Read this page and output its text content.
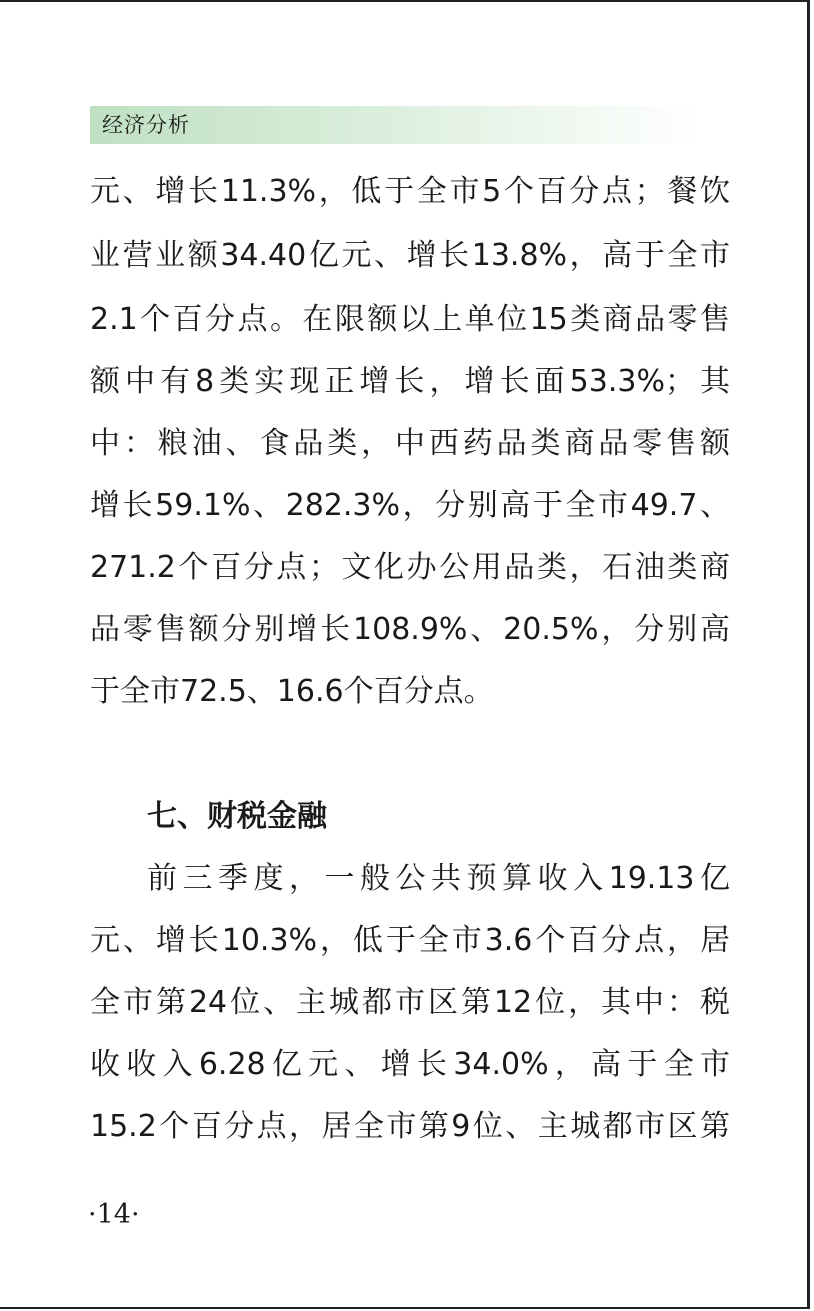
经济分析
元、增长11.3%，低于全市5个百分点；餐饮
业营业额34.40亿元、增长13.8%，高于全市
2.1个百分点。在限额以上单位15类商品零售
额中有8类实现正增长，增长面53.3%；其
中：粮油、食品类，中西药品类商品零售额
增长59.1%、282.3%，分别高于全市49.7、
271.2个百分点；文化办公用品类，石油类商
品零售额分别增长108.9%、20.5%，分别高
于全市72.5、16.6个百分点。
七、财税金融
前三季度，一般公共预算收入19.13亿
元、增长10.3%，低于全市3.6个百分点，居
全市第24位、主城都市区第12位，其中：税
收收入6.28亿元、增长34.0%，高于全市
15.2个百分点，居全市第9位、主城都市区第
·14·
